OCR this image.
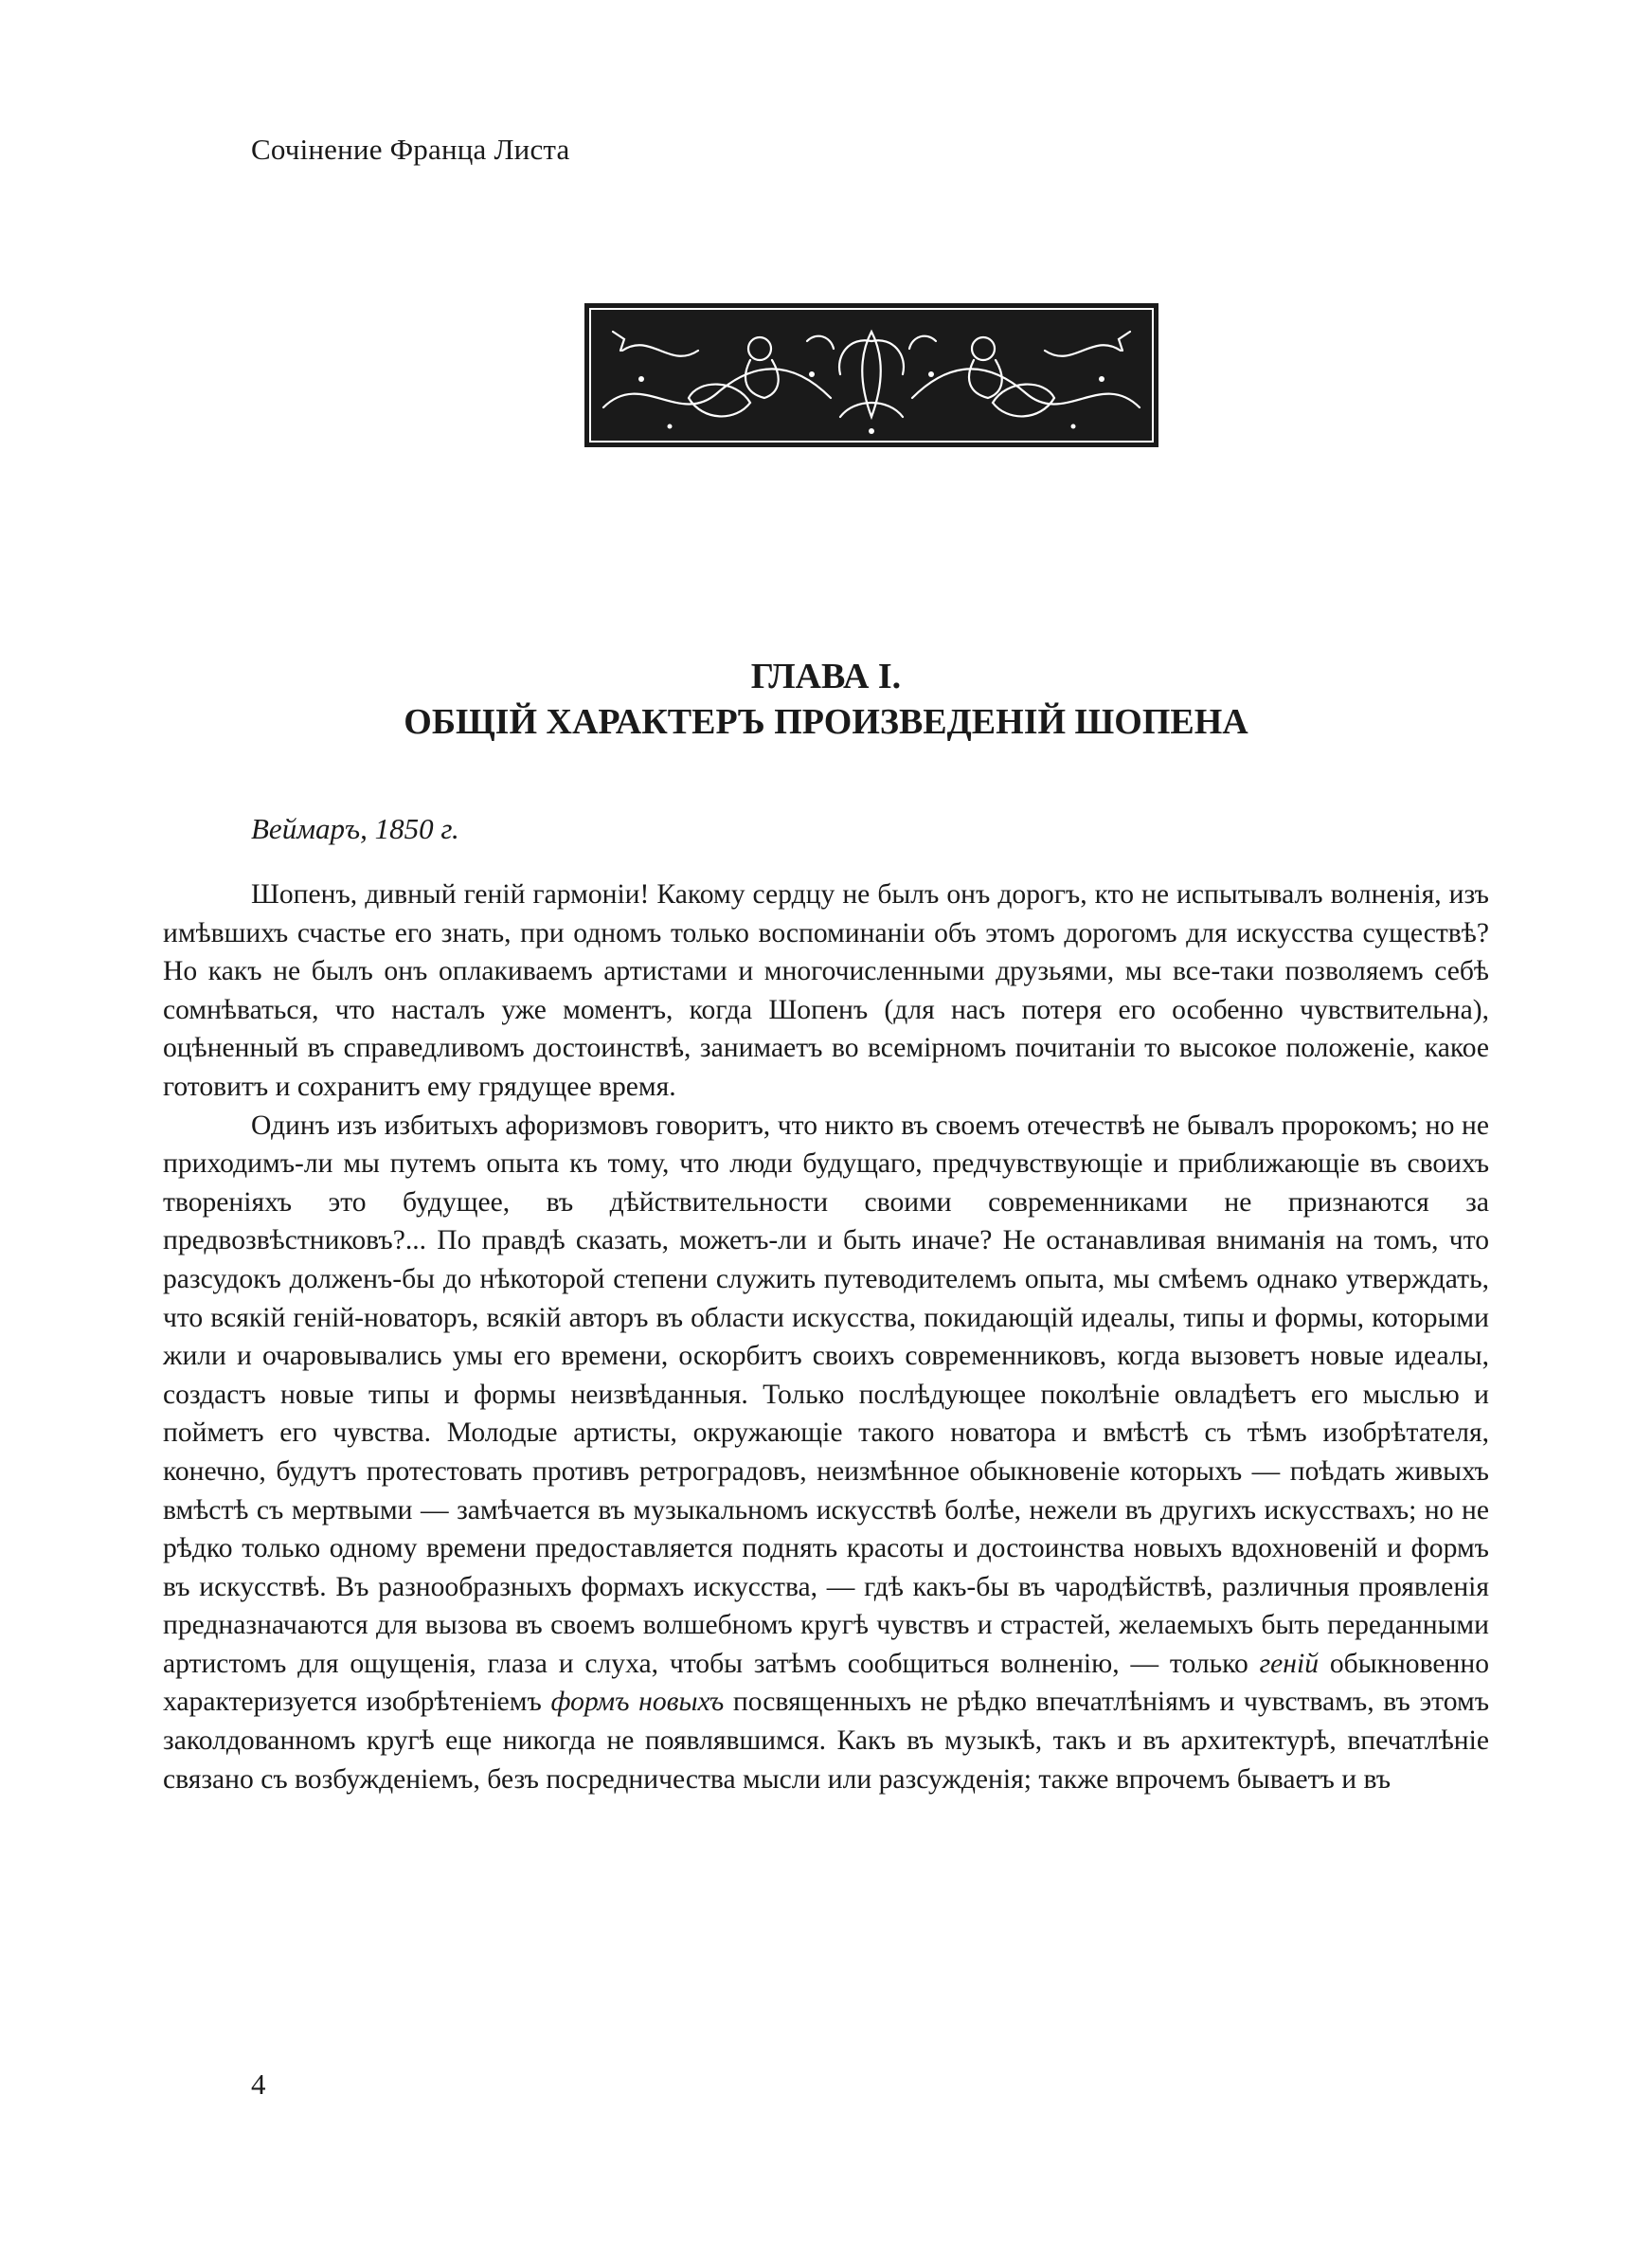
Сочiнение Франца Листа
ГЛАВА I.
ОБЩIЙ ХАРАКТЕРЪ ПРОИЗВЕДЕНIЙ ШОПЕНА
Веймаръ, 1850 г.

Шопенъ, дивный генiй гармонiи! Какому сердцу не былъ онъ дорогъ, кто не испытывалъ волненiя, изъ имѣвшихъ счастье его знать, при одномъ только воспоминанiи объ этомъ дорогомъ для искусства существѣ? Но какъ не былъ онъ оплакиваемъ артистами и многочисленными друзьями, мы все-таки позволяемъ себѣ сомнѣваться, что насталъ уже моментъ, когда Шопенъ (для насъ потеря его особенно чувствительна), оцѣненный въ справедливомъ достоинствѣ, занимаетъ во всемiрномъ почитанiи то высокое положенiе, какое готовитъ и сохранитъ ему грядущее время.

Одинъ изъ избитыхъ афоризмовъ говоритъ, что никто въ своемъ отечествѣ не бывалъ пророкомъ; но не приходимъ-ли мы путемъ опыта къ тому, что люди будущаго, предчувствующiе и приближающiе въ своихъ творенiяхъ это будущее, въ дѣйствительности своими современниками не признаются за предвозвѣстниковъ?... По правдѣ сказать, можетъ-ли и быть иначе? Не останавливая вниманiя на томъ, что разсудокъ долженъ-бы до нѣкоторой степени служить путеводителемъ опыта, мы смѣемъ однако утверждать, что всякiй генiй-новаторъ, всякiй авторъ въ области искусства, покидающiй идеалы, типы и формы, которыми жили и очаровывались умы его времени, оскорбитъ своихъ современниковъ, когда вызоветъ новые идеалы, создастъ новые типы и формы неизвѣданныя. Только послѣдующее поколѣнiе овладѣетъ его мыслью и пойметъ его чувства. Молодые артисты, окружающiе такого новатора и вмѣстѣ съ тѣмъ изобрѣтателя, конечно, будутъ протестовать противъ ретроградовъ, неизмѣнное обыкновенiе которыхъ — поѣдать живыхъ вмѣстѣ съ мертвыми — замѣчается въ музыкальномъ искусствѣ болѣе, нежели въ другихъ искусствахъ; но не рѣдко только одному времени предоставляется поднять красоты и достоинства новыхъ вдохновенiй и формъ въ искусствѣ. Въ разнообразныхъ формахъ искусства, — гдѣ какъ-бы въ чародѣйствѣ, различныя проявленiя предназначаются для вызова въ своемъ волшебномъ кругѣ чувствъ и страстей, желаемыхъ быть переданными артистомъ для ощущенiя, глаза и слуха, чтобы затѣмъ сообщиться волненiю, — только генiй обыкновенно характеризуется изобрѣтенiемъ формъ новыхъ посвященныхъ не рѣдко впечатлѣнiямъ и чувствамъ, въ этомъ заколдованномъ кругѣ еще никогда не появлявшимся. Какъ въ музыкѣ, такъ и въ архитектурѣ, впечатлѣнiе связано съ возбужденiемъ, безъ посредничества мысли или разсужденiя; также впрочемъ бываетъ и въ

4
